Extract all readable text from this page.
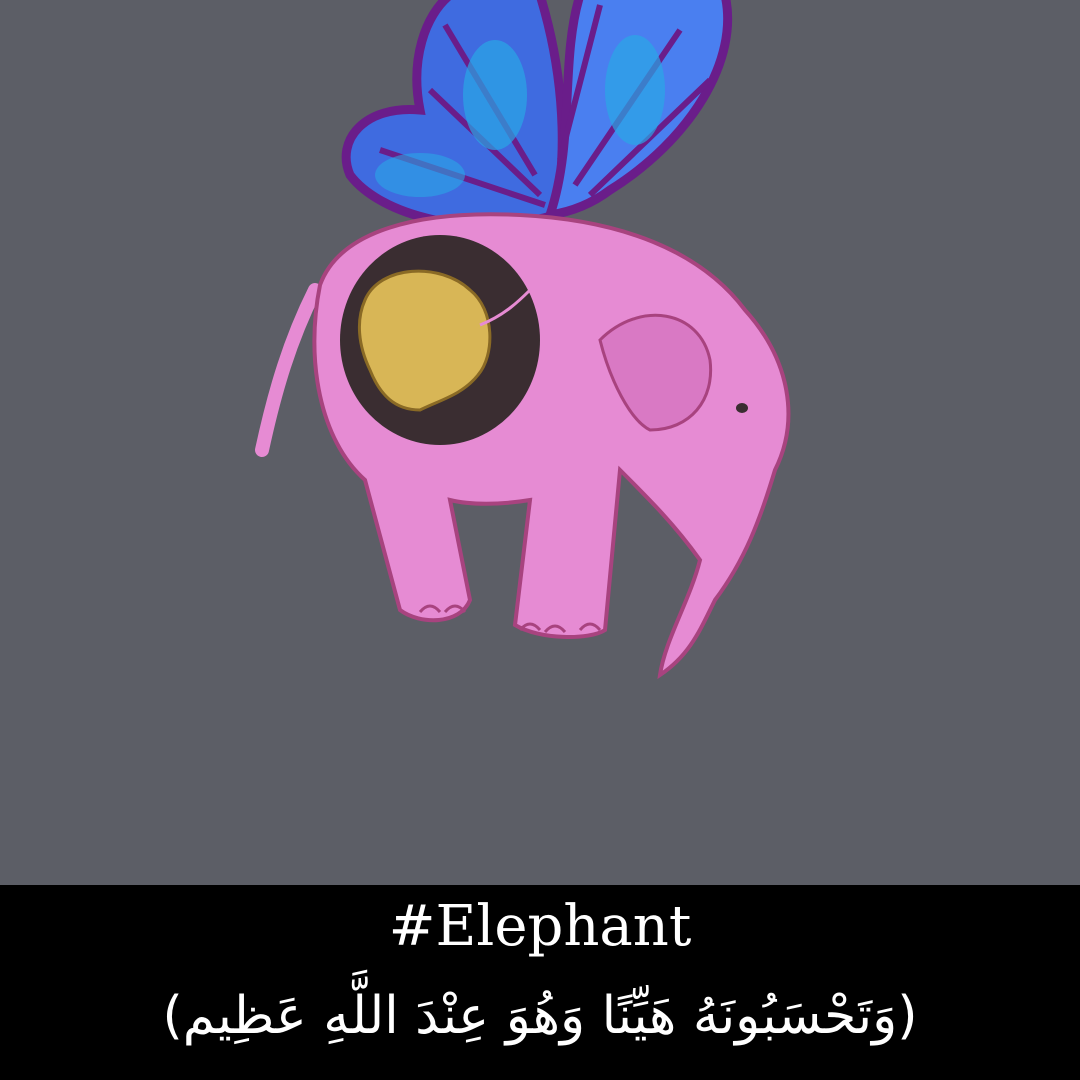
#Elephant
(وَتَحْسَبُونَهُ هَيِّنًا وَهُوَ عِنْدَ اللَّهِ عَظِيم)
